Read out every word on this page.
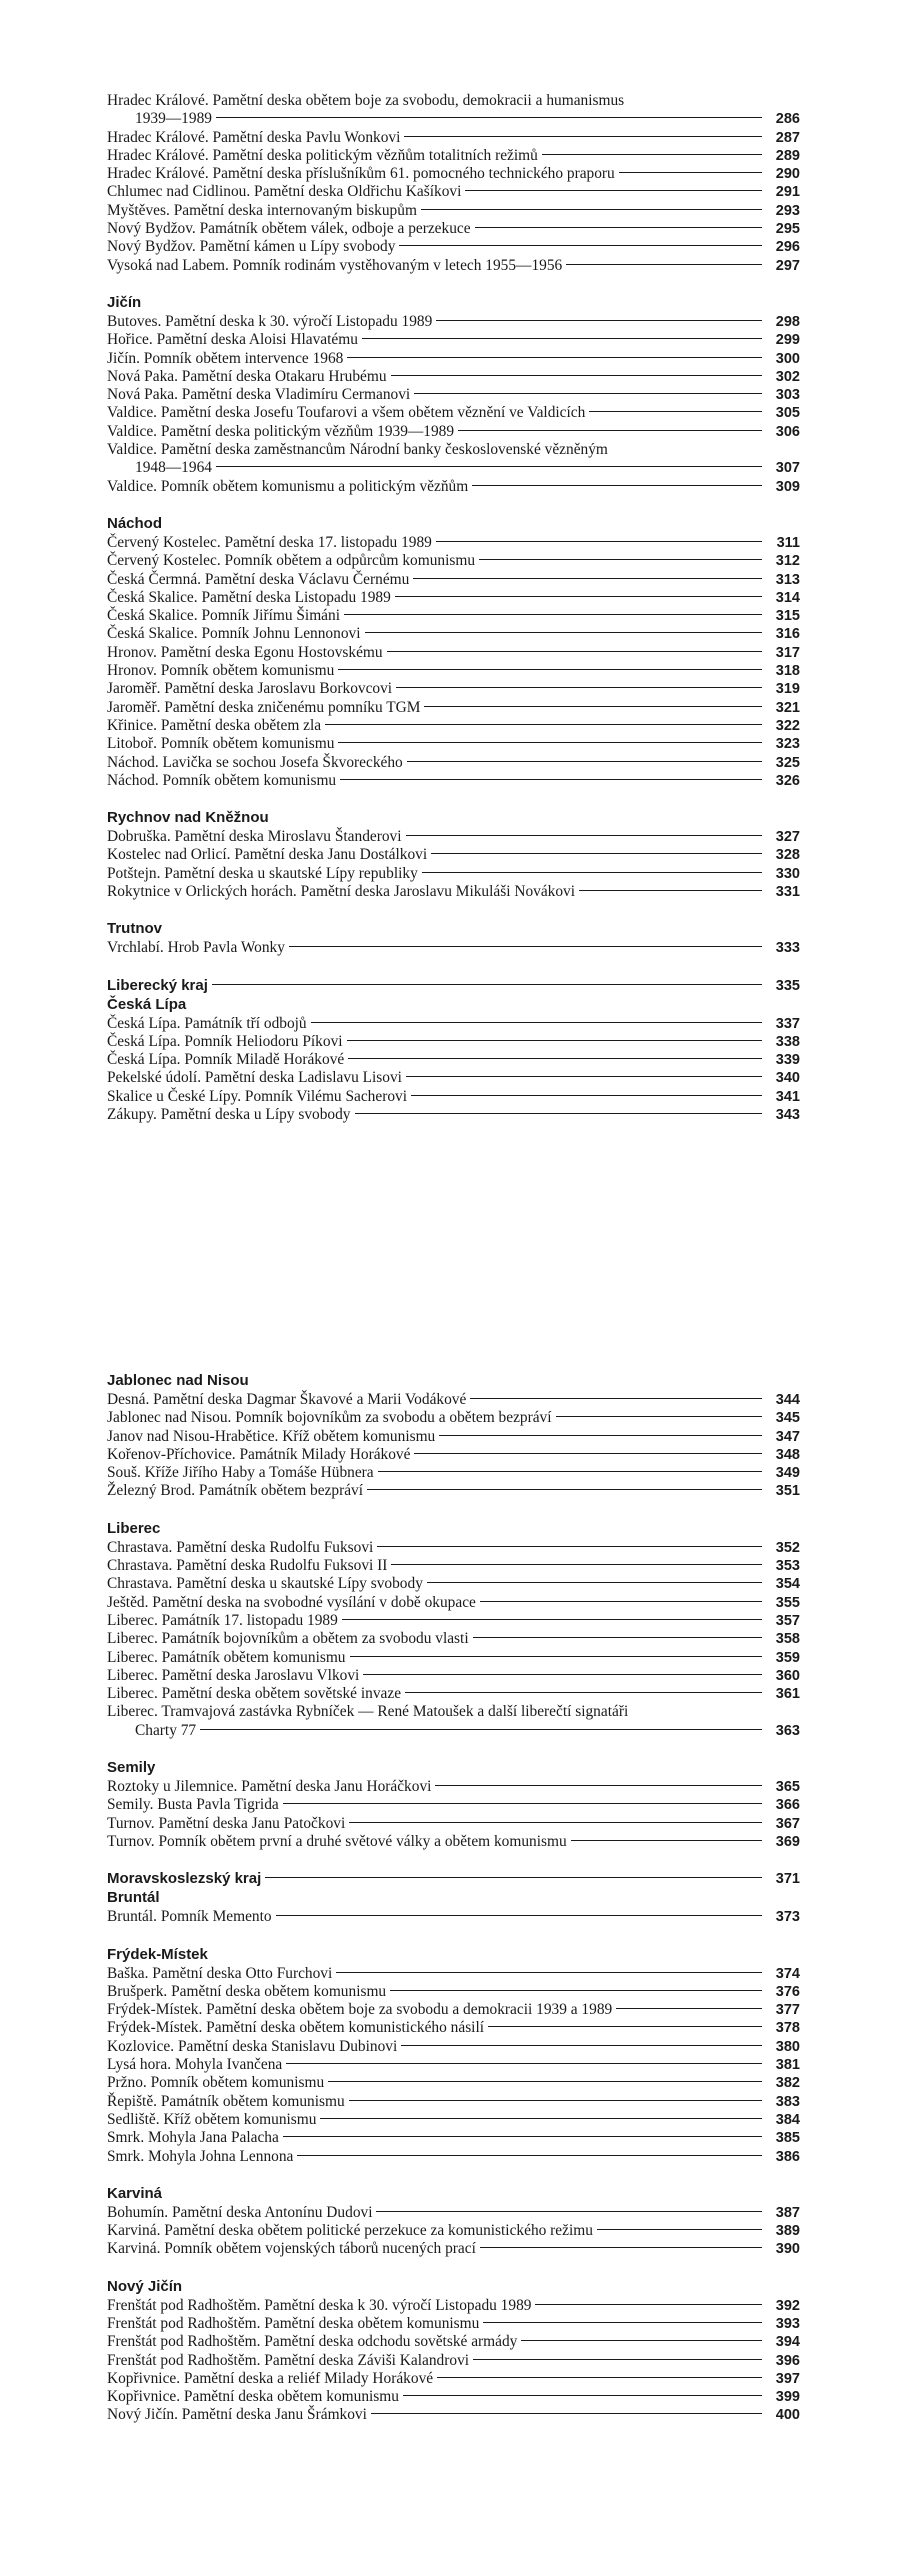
Hradec Králové. Pamětní deska obětem boje za svobodu, demokracii a humanismus
1939—1989	286
Hradec Králové. Pamětní deska Pavlu Wonkovi	287
Hradec Králové. Pamětní deska politickým vězňům totalitních režimů	289
Hradec Králové. Pamětní deska příslušníkům 61. pomocného technického praporu	290
Chlumec nad Cidlinou. Pamětní deska Oldřichu Kašíkovi	291
Myštěves. Pamětní deska internovaným biskupům	293
Nový Bydžov. Památník obětem válek, odboje a perzekuce	295
Nový Bydžov. Pamětní kámen u Lípy svobody	296
Vysoká nad Labem. Pomník rodinám vystěhovaným v letech 1955—1956	297
Jičín
Butoves. Pamětní deska k 30. výročí Listopadu 1989	298
Hořice. Pamětní deska Aloisi Hlavatému	299
Jičín. Pomník obětem intervence 1968	300
Nová Paka. Pamětní deska Otakaru Hrubému	302
Nová Paka. Pamětní deska Vladimíru Cermanovi	303
Valdice. Pamětní deska Josefu Toufarovi a všem obětem věznění ve Valdicích	305
Valdice. Pamětní deska politickým vězňům 1939—1989	306
Valdice. Pamětní deska zaměstnancům Národní banky československé vězněným
1948—1964	307
Valdice. Pomník obětem komunismu a politickým vězňům	309
Náchod
Červený Kostelec. Pamětní deska 17. listopadu 1989	311
Červený Kostelec. Pomník obětem a odpůrcům komunismu	312
Česká Čermná. Pamětní deska Václavu Černému	313
Česká Skalice. Pamětní deska Listopadu 1989	314
Česká Skalice. Pomník Jiřímu Šimáni	315
Česká Skalice. Pomník Johnu Lennonovi	316
Hronov. Pamětní deska Egonu Hostovskému	317
Hronov. Pomník obětem komunismu	318
Jaroměř. Pamětní deska Jaroslavu Borkovcovi	319
Jaroměř. Pamětní deska zničenému pomníku TGM	321
Křinice. Pamětní deska obětem zla	322
Litoboř. Pomník obětem komunismu	323
Náchod. Lavička se sochou Josefa Škvoreckého	325
Náchod. Pomník obětem komunismu	326
Rychnov nad Kněžnou
Dobruška. Pamětní deska Miroslavu Štanderovi	327
Kostelec nad Orlicí. Pamětní deska Janu Dostálkovi	328
Potštejn. Pamětní deska u skautské Lípy republiky	330
Rokytnice v Orlických horách. Pamětní deska Jaroslavu Mikuláši Novákovi	331
Trutnov
Vrchlabí. Hrob Pavla Wonky	333
Liberecký kraj	335
Česká Lípa
Česká Lípa. Památník tří odbojů	337
Česká Lípa. Pomník Heliodoru Píkovi	338
Česká Lípa. Pomník Miladě Horákové	339
Pekelské údolí. Pamětní deska Ladislavu Lisovi	340
Skalice u České Lípy. Pomník Vilému Sacherovi	341
Zákupy. Pamětní deska u Lípy svobody	343
Jablonec nad Nisou
Desná. Pamětní deska Dagmar Škavové a Marii Vodákové	344
Jablonec nad Nisou. Pomník bojovníkům za svobodu a obětem bezpráví	345
Janov nad Nisou-Hrabětice. Kříž obětem komunismu	347
Kořenov-Příchovice. Památník Milady Horákové	348
Souš. Kříže Jiřího Haby a Tomáše Hübnera	349
Železný Brod. Památník obětem bezpráví	351
Liberec
Chrastava. Pamětní deska Rudolfu Fuksovi	352
Chrastava. Pamětní deska Rudolfu Fuksovi II	353
Chrastava. Pamětní deska u skautské Lípy svobody	354
Ještěd. Pamětní deska na svobodné vysílání v době okupace	355
Liberec. Památník 17. listopadu 1989	357
Liberec. Památník bojovníkům a obětem za svobodu vlasti	358
Liberec. Památník obětem komunismu	359
Liberec. Pamětní deska Jaroslavu Vlkovi	360
Liberec. Pamětní deska obětem sovětské invaze	361
Liberec. Tramvajová zastávka Rybníček — René Matoušek a další liberečtí signatáři
Charty 77	363
Semily
Roztoky u Jilemnice. Pamětní deska Janu Horáčkovi	365
Semily. Busta Pavla Tigrida	366
Turnov. Pamětní deska Janu Patočkovi	367
Turnov. Pomník obětem první a druhé světové války a obětem komunismu	369
Moravskoslezský kraj	371
Bruntál
Bruntál. Pomník Memento	373
Frýdek-Místek
Baška. Pamětní deska Otto Furchovi	374
Brušperk. Pamětní deska obětem komunismu	376
Frýdek-Místek. Pamětní deska obětem boje za svobodu a demokracii 1939 a 1989	377
Frýdek-Místek. Pamětní deska obětem komunistického násilí	378
Kozlovice. Pamětní deska Stanislavu Dubinovi	380
Lysá hora. Mohyla Ivančena	381
Pržno. Pomník obětem komunismu	382
Řepiště. Památník obětem komunismu	383
Sedliště. Kříž obětem komunismu	384
Smrk. Mohyla Jana Palacha	385
Smrk. Mohyla Johna Lennona	386
Karviná
Bohumín. Pamětní deska Antonínu Dudovi	387
Karviná. Pamětní deska obětem politické perzekuce za komunistického režimu	389
Karviná. Pomník obětem vojenských táborů nucených prací	390
Nový Jičín
Frenštát pod Radhoštěm. Pamětní deska k 30. výročí Listopadu 1989	392
Frenštát pod Radhoštěm. Pamětní deska obětem komunismu	393
Frenštát pod Radhoštěm. Pamětní deska odchodu sovětské armády	394
Frenštát pod Radhoštěm. Pamětní deska Záviši Kalandrovi	396
Kopřivnice. Pamětní deska a reliéf Milady Horákové	397
Kopřivnice. Pamětní deska obětem komunismu	399
Nový Jičín. Pamětní deska Janu Šrámkovi	400
